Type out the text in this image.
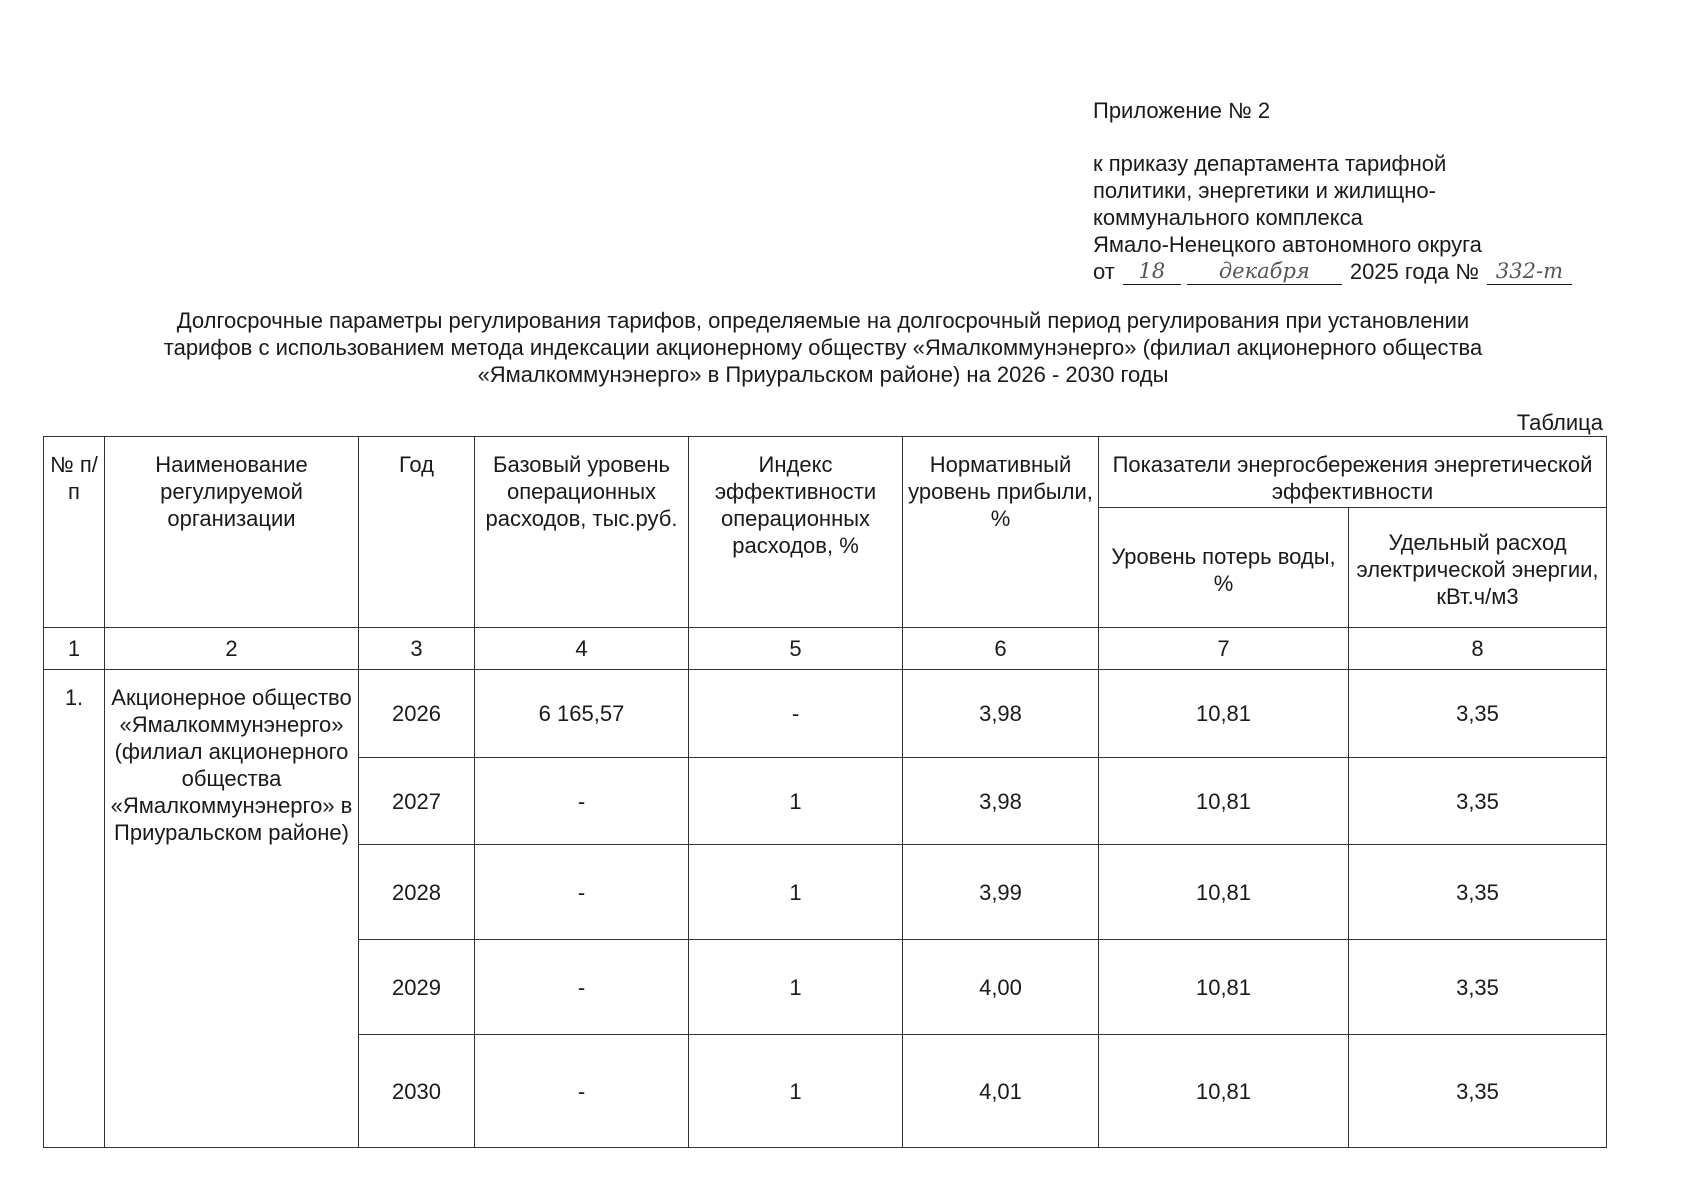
Приложение № 2
к приказу департамента тарифной
политики, энергетики и жилищно-
коммунального комплекса
Ямало-Ненецкого автономного округа
от	18	декабря	2025 года № 332-т
Долгосрочные параметры регулирования тарифов, определяемые на долгосрочный период регулирования при установлении
тарифов с использованием метода индексации акционерному обществу «Ямалкоммунэнерго» (филиал акционерного общества
«Ямалкоммунэнерго» в Приуральском районе) на 2026 - 2030 годы
Таблица
№ п/п	Наименование регулируемой организации	Год	Базовый уровень операционных расходов, тыс.руб.	Индекс эффективности операционных расходов, %	Нормативный уровень прибыли, %	Показатели энергосбережения энергетической эффективности	
						Уровень потерь воды, %	Удельный расход электрической энергии, кВт.ч/м3
1	2	3	4	5	6	7	8
1.	Акционерное общество «Ямалкоммунэнерго» (филиал акционерного общества «Ямалкоммунэнерго» в Приуральском районе)	2026	6 165,57	-	3,98	10,81	3,35
		2027	-	1	3,98	10,81	3,35
		2028	-	1	3,99	10,81	3,35
		2029	-	1	4,00	10,81	3,35
		2030	-	1	4,01	10,81	3,35
